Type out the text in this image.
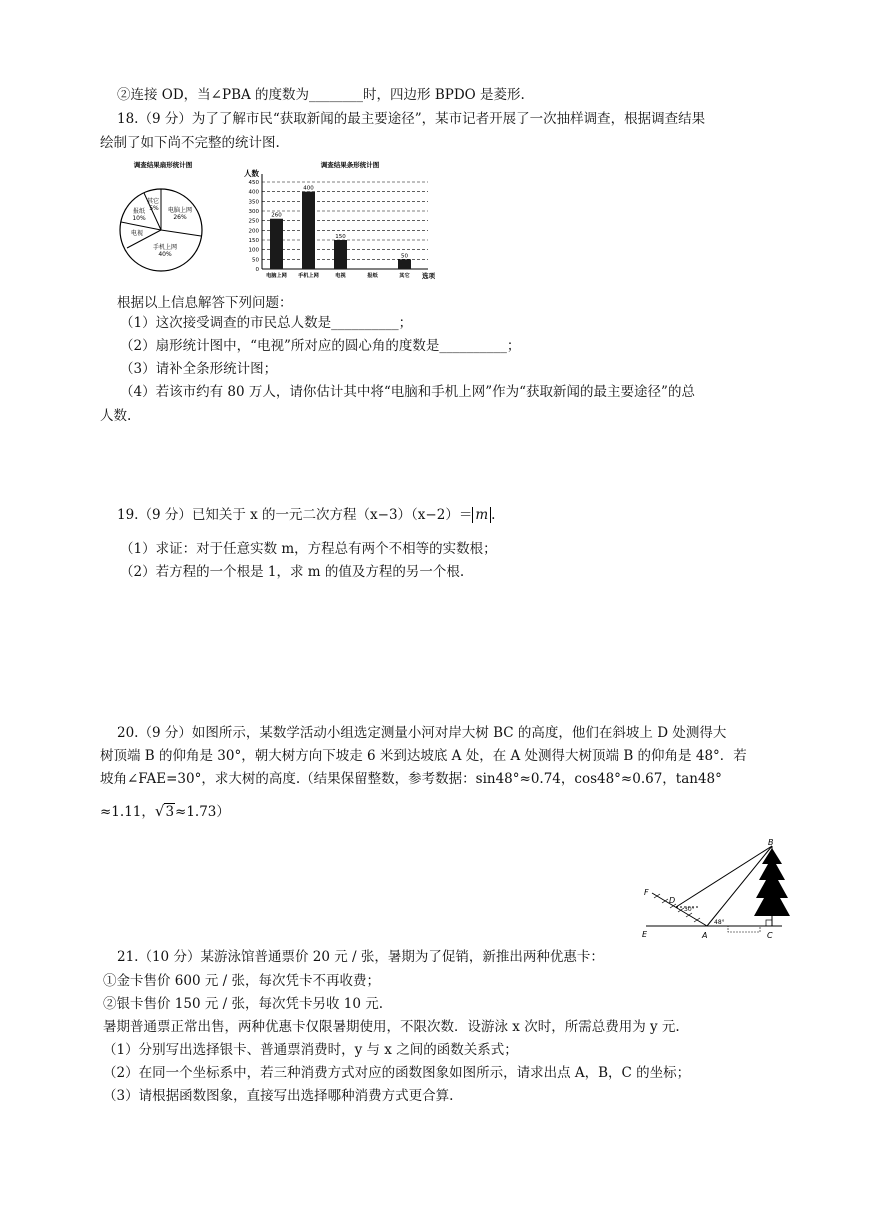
②连接 OD，当∠PBA 的度数为________时，四边形 BPDO 是菱形.
18.（9 分）为了了解市民“获取新闻的最主要途径”，某市记者开展了一次抽样调查，根据调查结果
绘制了如下尚不完整的统计图.
调查结果扇形统计图
其它
5%
报纸
10%
电脑上网
26%
电视
手机上网
40%
调查结果条形统计图
人数
选项
0
50
100
150
200
250
300
350
400
450
260
电脑上网
400
手机上网
150
电视	报纸
50
其它
根据以上信息解答下列问题：
（1）这次接受调查的市民总人数是__________；
（2）扇形统计图中，“电视”所对应的圆心角的度数是__________；
（3）请补全条形统计图；
（4）若该市约有 80 万人，请你估计其中将“电脑和手机上网”作为“获取新闻的最主要途径”的总
人数.
19.（9 分）已知关于 x 的一元二次方程（x−3）（x−2）＝ m .
（1）求证：对于任意实数 m，方程总有两个不相等的实数根；
（2）若方程的一个根是 1，求 m 的值及方程的另一个根.
20.（9 分）如图所示，某数学活动小组选定测量小河对岸大树 BC 的高度，他们在斜坡上 D 处测得大
树顶端 B 的仰角是 30°，朝大树方向下坡走 6 米到达坡底 A 处，在 A 处测得大树顶端 B 的仰角是 48°．若
坡角∠FAE=30°，求大树的高度.（结果保留整数，参考数据：sin48°≈0.74，cos48°≈0.67，tan48°
≈1.11，√3≈1.73）
B
F
D
E	A	C
30°
48°
21.（10 分）某游泳馆普通票价 20 元 / 张，暑期为了促销，新推出两种优惠卡：
①金卡售价 600 元 / 张，每次凭卡不再收费；
②银卡售价 150 元 / 张，每次凭卡另收 10 元.
暑期普通票正常出售，两种优惠卡仅限暑期使用，不限次数．设游泳 x 次时，所需总费用为 y 元.
（1）分别写出选择银卡、普通票消费时，y 与 x 之间的函数关系式；
（2）在同一个坐标系中，若三种消费方式对应的函数图象如图所示，请求出点 A，B，C 的坐标；
（3）请根据函数图象，直接写出选择哪种消费方式更合算.
